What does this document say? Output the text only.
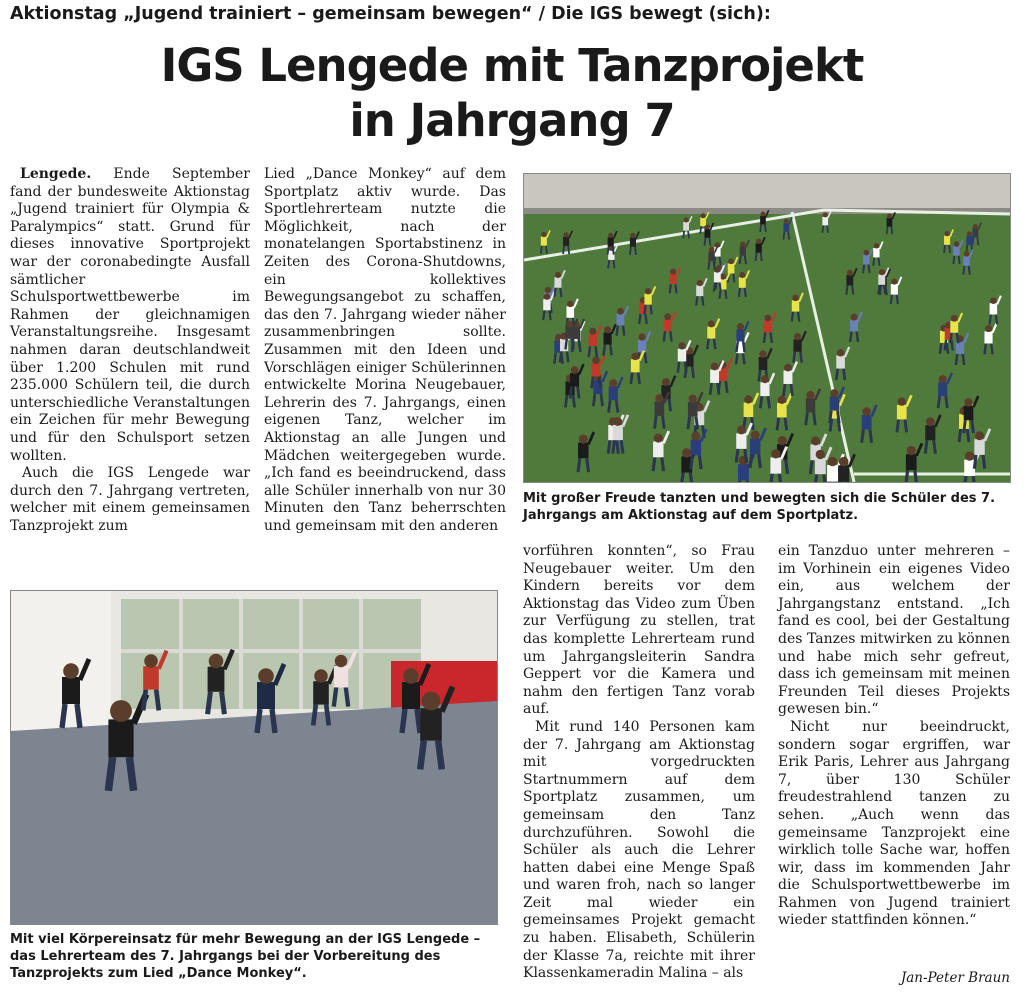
Aktionstag „Jugend trainiert – gemeinsam bewegen“ / Die IGS bewegt (sich):
IGS Lengede mit Tanzprojekt
in Jahrgang 7

Lengede. Ende September fand der bundesweite Aktionstag „Jugend trainiert für Olympia & Paralympics“ statt. Grund für dieses innovative Sportprojekt war der coronabedingte Ausfall sämtlicher Schulsportwettbewerbe im Rahmen der gleichnamigen Veranstaltungsreihe. Insgesamt nahmen daran deutschlandweit über 1.200 Schulen mit rund 235.000 Schülern teil, die durch unterschiedliche Veranstaltungen ein Zeichen für mehr Bewegung und für den Schulsport setzen wollten.

Auch die IGS Lengede war durch den 7. Jahrgang vertreten, welcher mit einem gemeinsamen Tanzprojekt zum

Lied „Dance Monkey“ auf dem Sportplatz aktiv wurde. Das Sportlehrerteam nutzte die Möglichkeit, nach der monatelangen Sportabstinenz in Zeiten des Corona-Shutdowns, ein kollektives Bewegungsangebot zu schaffen, das den 7. Jahrgang wieder näher zusammenbringen sollte. Zusammen mit den Ideen und Vorschlägen einiger Schülerinnen entwickelte Morina Neugebauer, Lehrerin des 7. Jahrgangs, einen eigenen Tanz, welcher im Aktionstag an alle Jungen und Mädchen weitergegeben wurde. „Ich fand es beeindruckend, dass alle Schüler innerhalb von nur 30 Minuten den Tanz beherrschten und gemeinsam mit den anderen

Mit großer Freude tanzten und bewegten sich die Schüler des 7. Jahrgangs am Aktionstag auf dem Sportplatz.

vorführen konnten“, so Frau Neugebauer weiter. Um den Kindern bereits vor dem Aktionstag das Video zum Üben zur Verfügung zu stellen, trat das komplette Lehrerteam rund um Jahrgangsleiterin Sandra Geppert vor die Kamera und nahm den fertigen Tanz vorab auf.

Mit rund 140 Personen kam der 7. Jahrgang am Aktionstag mit vorgedruckten Startnummern auf dem Sportplatz zusammen, um gemeinsam den Tanz durchzuführen. Sowohl die Schüler als auch die Lehrer hatten dabei eine Menge Spaß und waren froh, nach so langer Zeit mal wieder ein gemeinsames Projekt gemacht zu haben. Elisabeth, Schülerin der Klasse 7a, reichte mit ihrer Klassenkameradin Malina – als

ein Tanzduo unter mehreren – im Vorhinein ein eigenes Video ein, aus welchem der Jahrgangstanz entstand. „Ich fand es cool, bei der Gestaltung des Tanzes mitwirken zu können und habe mich sehr gefreut, dass ich gemeinsam mit meinen Freunden Teil dieses Projekts gewesen bin.“

Nicht nur beeindruckt, sondern sogar ergriffen, war Erik Paris, Lehrer aus Jahrgang 7, über 130 Schüler freudestrahlend tanzen zu sehen. „Auch wenn das gemeinsame Tanzprojekt eine wirklich tolle Sache war, hoffen wir, dass im kommenden Jahr die Schulsportwettbewerbe im Rahmen von Jugend trainiert wieder stattfinden können.“

Jan-Peter Braun
Mit viel Körpereinsatz für mehr Bewegung an der IGS Lengede – das Lehrerteam des 7. Jahrgangs bei der Vorbereitung des Tanzprojekts zum Lied „Dance Monkey“.
